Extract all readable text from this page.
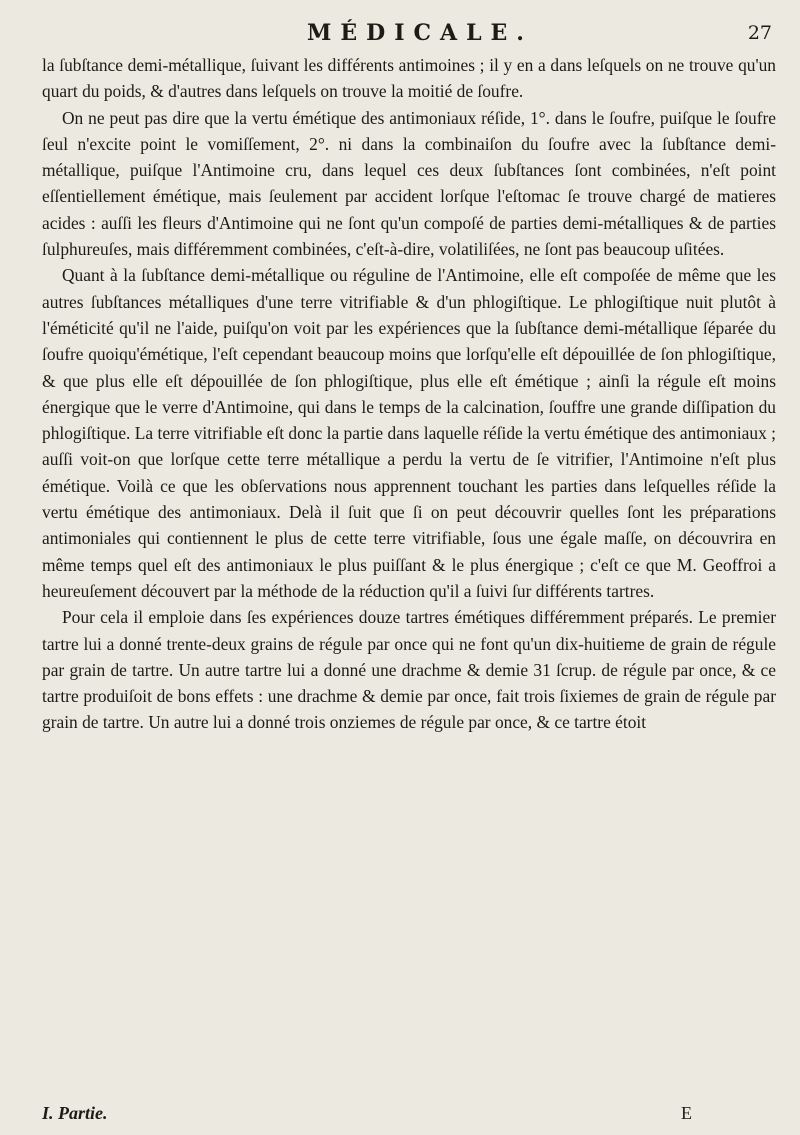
MÉDICALE.	27

la ſubſtance demi-métallique, ſuivant les différents antimoines ; il y en a dans leſquels on ne trouve qu'un quart du poids, & d'autres dans leſquels on trouve la moitié de ſoufre.

On ne peut pas dire que la vertu émétique des antimoniaux réſide, 1°. dans le ſoufre, puiſque le ſoufre ſeul n'excite point le vomiſſement, 2°. ni dans la combinaiſon du ſoufre avec la ſubſtance demi-métallique, puiſque l'Antimoine cru, dans lequel ces deux ſubſtances ſont combinées, n'eſt point eſſentiellement émétique, mais ſeulement par accident lorſque l'eſtomac ſe trouve chargé de matieres acides : auſſi les fleurs d'Antimoine qui ne ſont qu'un compoſé de parties demi-métalliques & de parties ſulphureuſes, mais différemment combinées, c'eſt-à-dire, volatiliſées, ne ſont pas beaucoup uſitées.

Quant à la ſubſtance demi-métallique ou réguline de l'Antimoine, elle eſt compoſée de même que les autres ſubſtances métalliques d'une terre vitrifiable & d'un phlogiſtique. Le phlogiſtique nuit plutôt à l'éméticité qu'il ne l'aide, puiſqu'on voit par les expériences que la ſubſtance demi-métallique ſéparée du ſoufre quoiqu'émétique, l'eſt cependant beaucoup moins que lorſqu'elle eſt dépouillée de ſon phlogiſtique, & que plus elle eſt dépouillée de ſon phlogiſtique, plus elle eſt émétique ; ainſi la régule eſt moins énergique que le verre d'Antimoine, qui dans le temps de la calcination, ſouffre une grande diſſipation du phlogiſtique. La terre vitrifiable eſt donc la partie dans laquelle réſide la vertu émétique des antimoniaux ; auſſi voit-on que lorſque cette terre métallique a perdu la vertu de ſe vitrifier, l'Antimoine n'eſt plus émétique. Voilà ce que les obſervations nous apprennent touchant les parties dans leſquelles réſide la vertu émétique des antimoniaux. Delà il ſuit que ſi on peut découvrir quelles ſont les préparations antimoniales qui contiennent le plus de cette terre vitrifiable, ſous une égale maſſe, on découvrira en même temps quel eſt des antimoniaux le plus puiſſant & le plus énergique ; c'eſt ce que M. Geoffroi a heureuſement découvert par la méthode de la réduction qu'il a ſuivi ſur différents tartres.

Pour cela il emploie dans ſes expériences douze tartres émétiques différemment préparés. Le premier tartre lui a donné trente-deux grains de régule par once qui ne font qu'un dix-huitieme de grain de régule par grain de tartre. Un autre tartre lui a donné une drachme & demie 31 ſcrup. de régule par once, & ce tartre produiſoit de bons effets : une drachme & demie par once, fait trois ſixiemes de grain de régule par grain de tartre. Un autre lui a donné trois onziemes de régule par once, & ce tartre étoit

I. Partie.	E
